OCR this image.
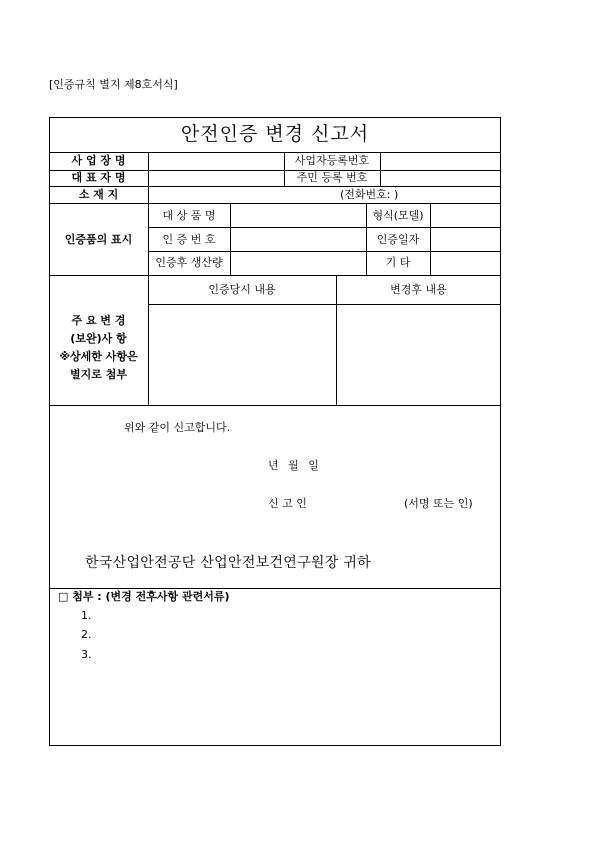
[인증규칙 별지 제8호서식]
안전인증 변경 신고서
사 업 장 명	사업자등록번호
대 표 자 명	주민 등록 번호
소 재 지	(전화번호: )
인증품의 표시
대 상 품 명	형식(모델)
인 증 번 호	인증일자
인증후 생산량	기 타
주 요 변 경
(보완)사 항
※상세한 사항은
별지로 첨부
인증당시 내용	변경후 내용
위와 같이 신고합니다.
년 월 일
신 고 인	(서명 또는 인)
한국산업안전공단 산업안전보건연구원장 귀하
□ 첨부 : (변경 전후사항 관련서류)
1.
2.
3.
